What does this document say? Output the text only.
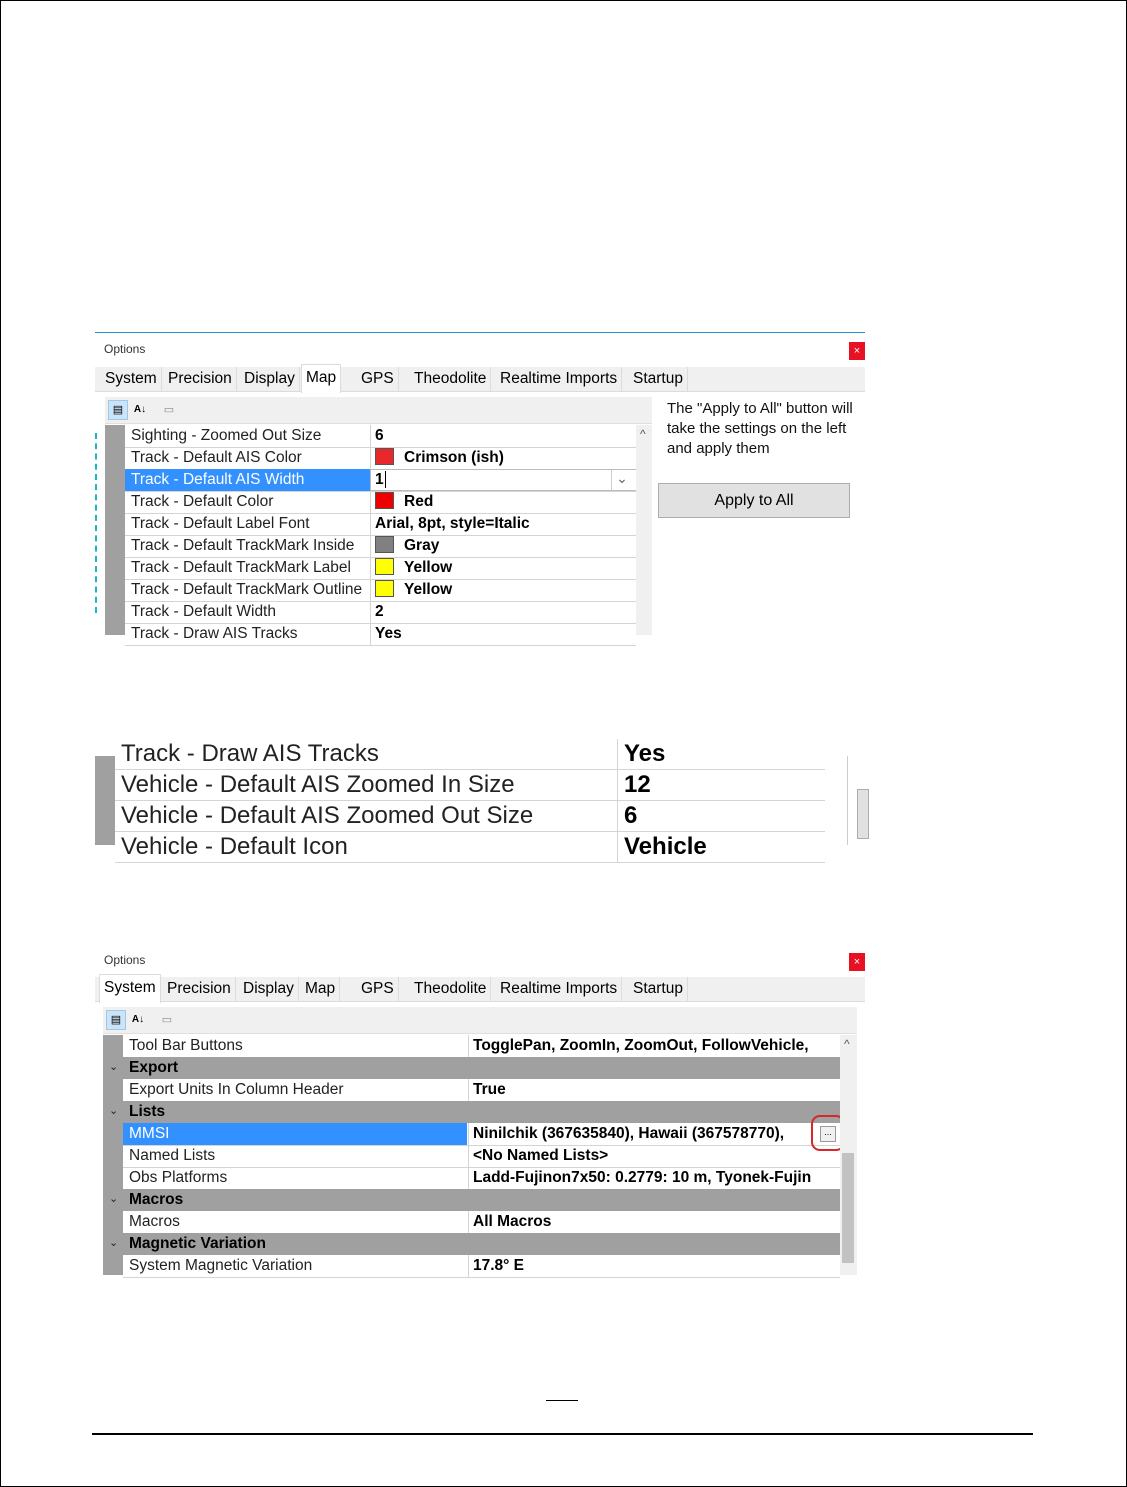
Options	×
System Precision Display Map	GPS	Theodolite Realtime Imports	Startup
▤	A↓	▭
Sighting - Zoomed Out Size	6
Track - Default AIS Color	Crimson (ish)
Track - Default AIS Width	1	⌄
Track - Default Color	Red
Track - Default Label Font	Arial, 8pt, style=Italic
Track - Default TrackMark Inside	Gray
Track - Default TrackMark Label	Yellow
Track - Default TrackMark Outline	Yellow
Track - Default Width	2
Track - Draw AIS Tracks	Yes
^
The "Apply to All" button will take the settings on the left and apply them
Apply to All
Track - Draw AIS Tracks	Yes
Vehicle - Default AIS Zoomed In Size	12
Vehicle - Default AIS Zoomed Out Size	6
Vehicle - Default Icon	Vehicle
Options	×
System Precision Display Map	GPS	Theodolite Realtime Imports	Startup
▤	A↓	▭
Tool Bar Buttons	TogglePan, ZoomIn, ZoomOut, FollowVehicle,
⌄ Export
Export Units In Column Header	True
⌄ Lists
MMSI	Ninilchik (367635840), Hawaii (367578770),	...
Named Lists	<No Named Lists>
Obs Platforms	Ladd-Fujinon7x50: 0.2779: 10 m, Tyonek-Fujin
⌄ Macros
Macros	All Macros
⌄ Magnetic Variation
System Magnetic Variation	17.8° E
^
